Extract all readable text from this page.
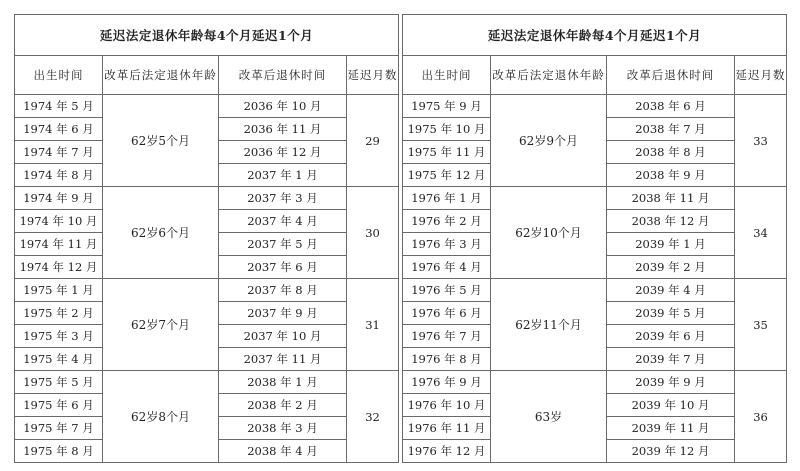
延迟法定退休年龄每4个月延迟1个月			
出生时间	改革后法定退休年龄	改革后退休时间	延迟月数
1974 年 5 月	62岁5个月	2036 年 10 月	29
1974 年 6 月		2036 年 11 月	
1974 年 7 月		2036 年 12 月	
1974 年 8 月		2037 年 1 月	
1974 年 9 月	62岁6个月	2037 年 3 月	30
1974 年 10 月		2037 年 4 月	
1974 年 11 月		2037 年 5 月	
1974 年 12 月		2037 年 6 月	
1975 年 1 月	62岁7个月	2037 年 8 月	31
1975 年 2 月		2037 年 9 月	
1975 年 3 月		2037 年 10 月	
1975 年 4 月		2037 年 11 月	
1975 年 5 月	62岁8个月	2038 年 1 月	32
1975 年 6 月		2038 年 2 月	
1975 年 7 月		2038 年 3 月	
1975 年 8 月		2038 年 4 月	
延迟法定退休年龄每4个月延迟1个月			
出生时间	改革后法定退休年龄	改革后退休时间	延迟月数
1975 年 9 月	62岁9个月	2038 年 6 月	33
1975 年 10 月		2038 年 7 月	
1975 年 11 月		2038 年 8 月	
1975 年 12 月		2038 年 9 月	
1976 年 1 月	62岁10个月	2038 年 11 月	34
1976 年 2 月		2038 年 12 月	
1976 年 3 月		2039 年 1 月	
1976 年 4 月		2039 年 2 月	
1976 年 5 月	62岁11个月	2039 年 4 月	35
1976 年 6 月		2039 年 5 月	
1976 年 7 月		2039 年 6 月	
1976 年 8 月		2039 年 7 月	
1976 年 9 月	63岁	2039 年 9 月	36
1976 年 10 月		2039 年 10 月	
1976 年 11 月		2039 年 11 月	
1976 年 12 月		2039 年 12 月	
